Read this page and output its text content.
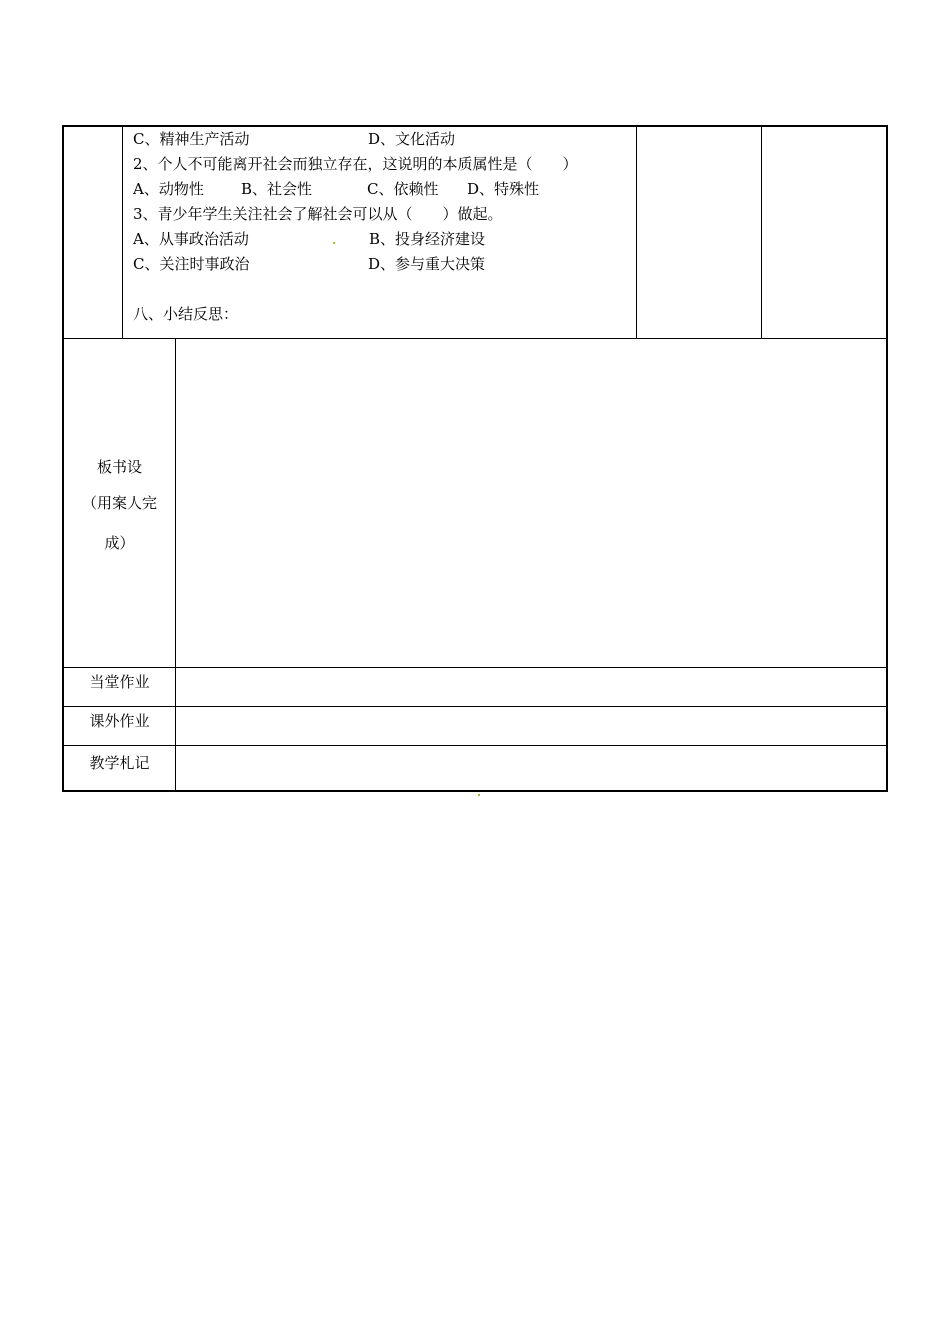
C、精神生产活动	D、文化活动
2、个人不可能离开社会而独立存在，这说明的本质属性是（　　）
A、动物性 B、社会性	C、依赖性 D、特殊性
3、青少年学生关注社会了解社会可以从（　　）做起。
A、从事政治活动	B、投身经济建设
C、关注时事政治	D、参与重大决策
八、小结反思：
板书设
（用案人完
成）
当堂作业
课外作业
教学札记
